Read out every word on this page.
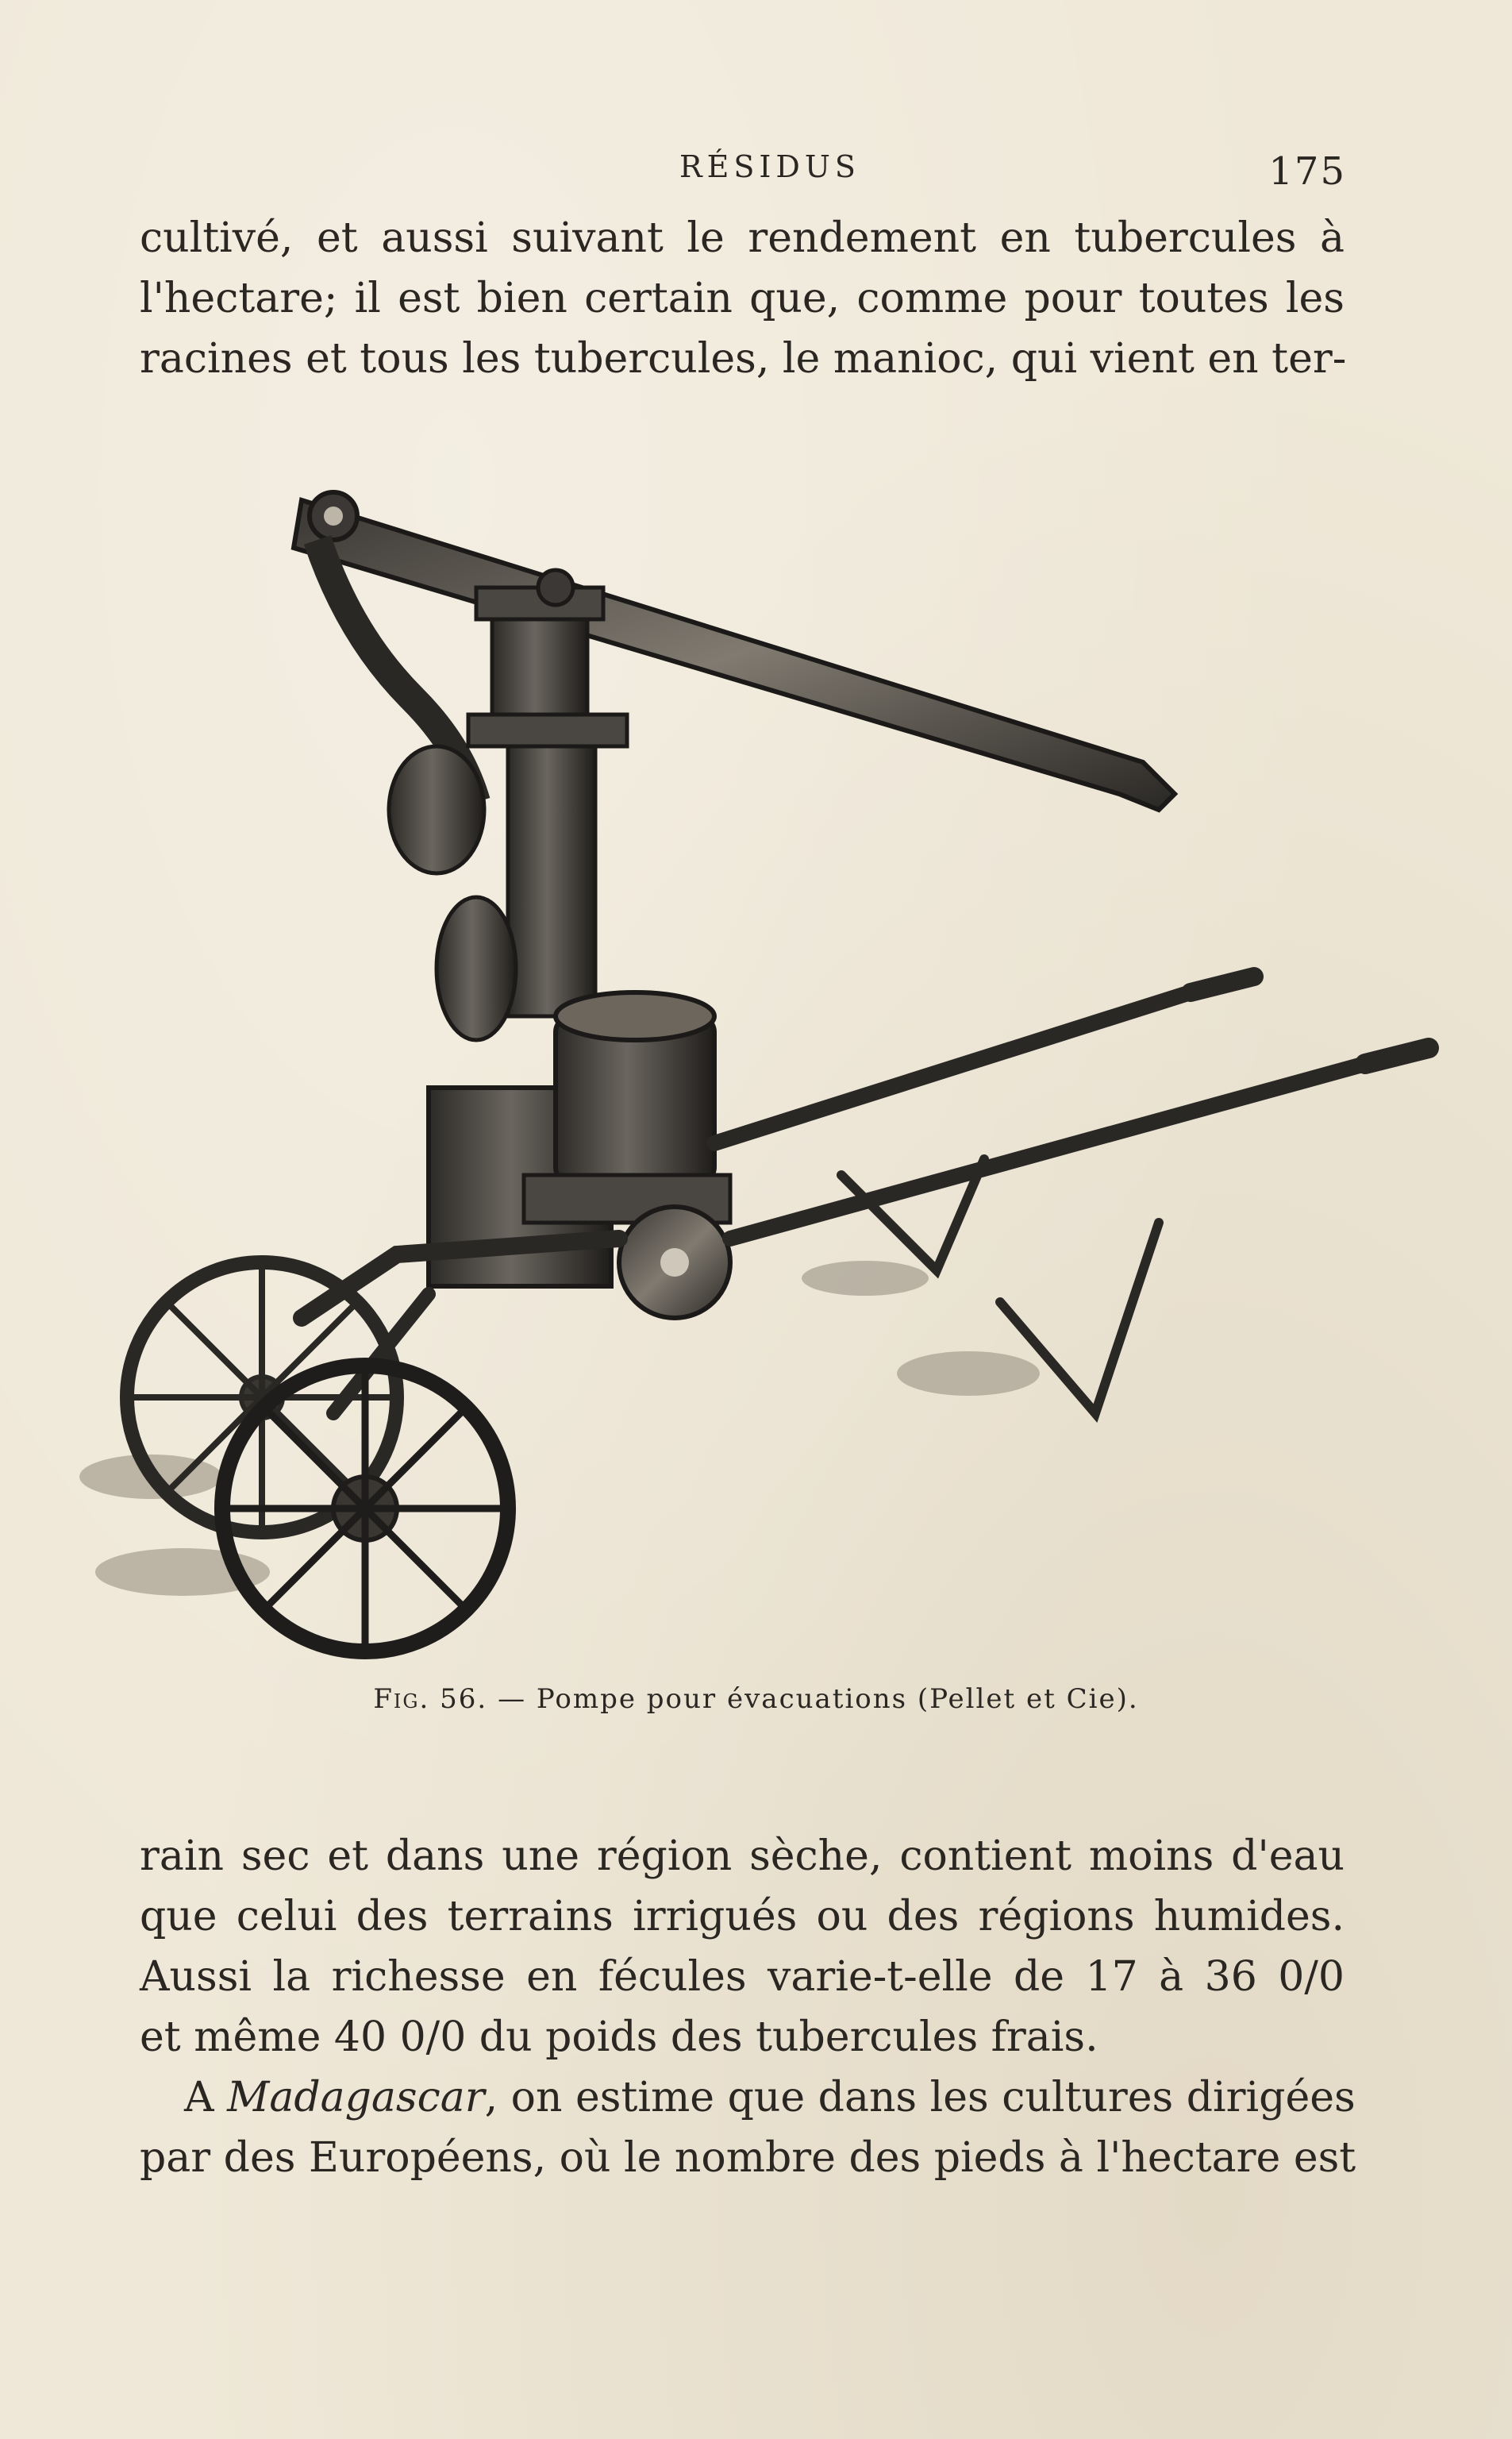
RÉSIDUS	175
cultivé, et aussi suivant le rendement en tubercules à
l'hectare; il est bien certain que, comme pour toutes les
racines et tous les tubercules, le manioc, qui vient en ter-
Fig. 56. — Pompe pour évacuations (Pellet et Cie).
rain sec et dans une région sèche, contient moins d'eau
que celui des terrains irrigués ou des régions humides.
Aussi la richesse en fécules varie-t-elle de 17 à 36 0/0
et même 40 0/0 du poids des tubercules frais.
A Madagascar, on estime que dans les cultures dirigées
par des Européens, où le nombre des pieds à l'hectare est
